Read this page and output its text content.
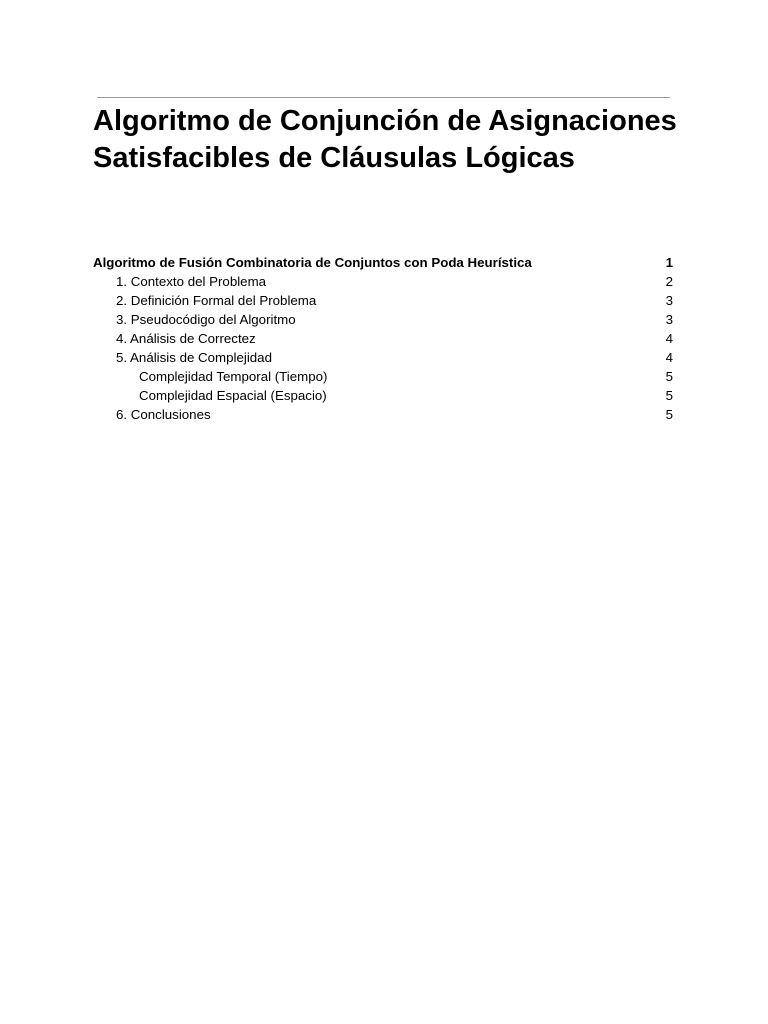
Algoritmo de Conjunción de Asignaciones Satisfacibles de Cláusulas Lógicas
Algoritmo de Fusión Combinatoria de Conjuntos con Poda Heurística	1
1. Contexto del Problema	2
2. Definición Formal del Problema	3
3. Pseudocódigo del Algoritmo	3
4. Análisis de Correctez	4
5. Análisis de Complejidad	4
Complejidad Temporal (Tiempo)	5
Complejidad Espacial (Espacio)	5
6. Conclusiones	5
